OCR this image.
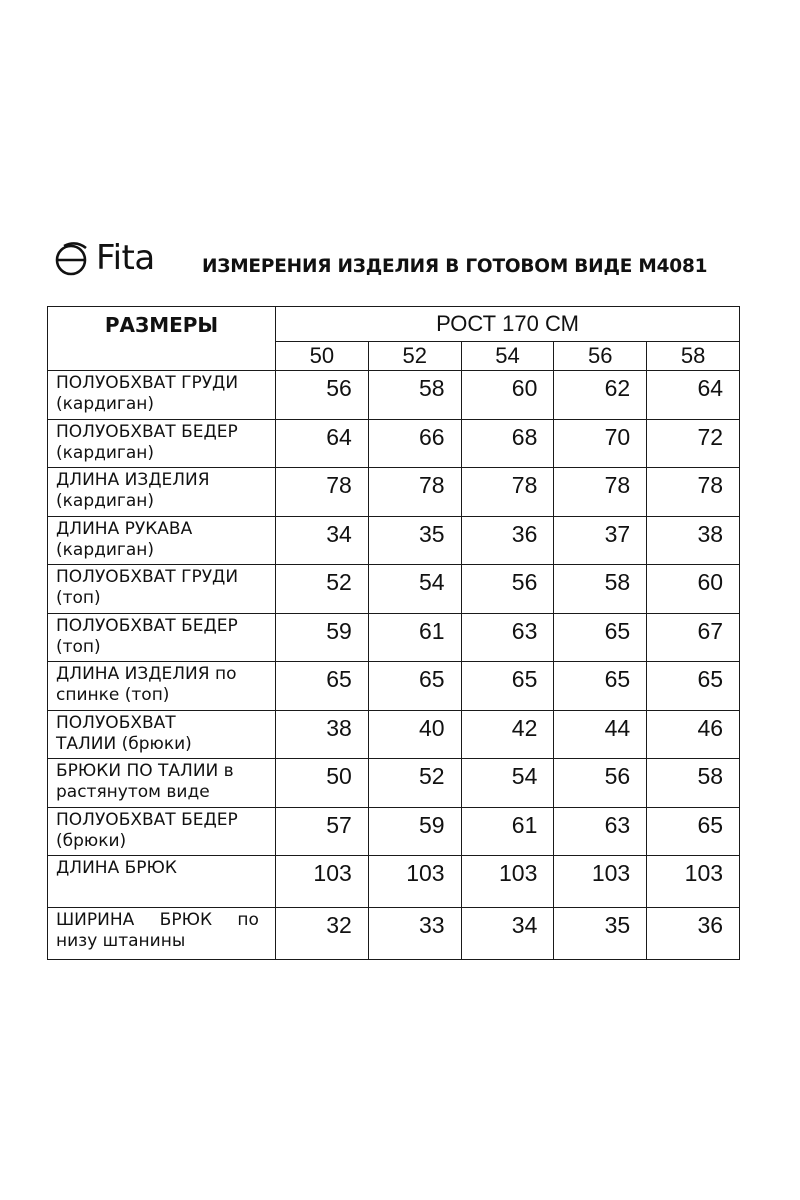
Fita	ИЗМЕРЕНИЯ ИЗДЕЛИЯ В ГОТОВОМ ВИДЕ М4081
РАЗМЕРЫ	РОСТ 170 СМ				
	50	52	54	56	58

ПОЛУОБХВАТ ГРУДИ
(кардиган)	56	58	60	62	64

ПОЛУОБХВАТ БЕДЕР
(кардиган)	64	66	68	70	72

ДЛИНА ИЗДЕЛИЯ
(кардиган)	78	78	78	78	78

ДЛИНА РУКАВА
(кардиган)	34	35	36	37	38

ПОЛУОБХВАТ ГРУДИ
(топ)	52	54	56	58	60

ПОЛУОБХВАТ БЕДЕР
(топ)	59	61	63	65	67

ДЛИНА ИЗДЕЛИЯ по
спинке (топ)	65	65	65	65	65

ПОЛУОБХВАТ
ТАЛИИ (брюки)	38	40	42	44	46

БРЮКИ ПО ТАЛИИ в
растянутом виде	50	52	54	56	58

ПОЛУОБХВАТ БЕДЕР
(брюки)	57	59	61	63	65

ДЛИНА БРЮК	103	103	103	103	103

ШИРИНА БРЮК по
низу штанины	32	33	34	35	36
